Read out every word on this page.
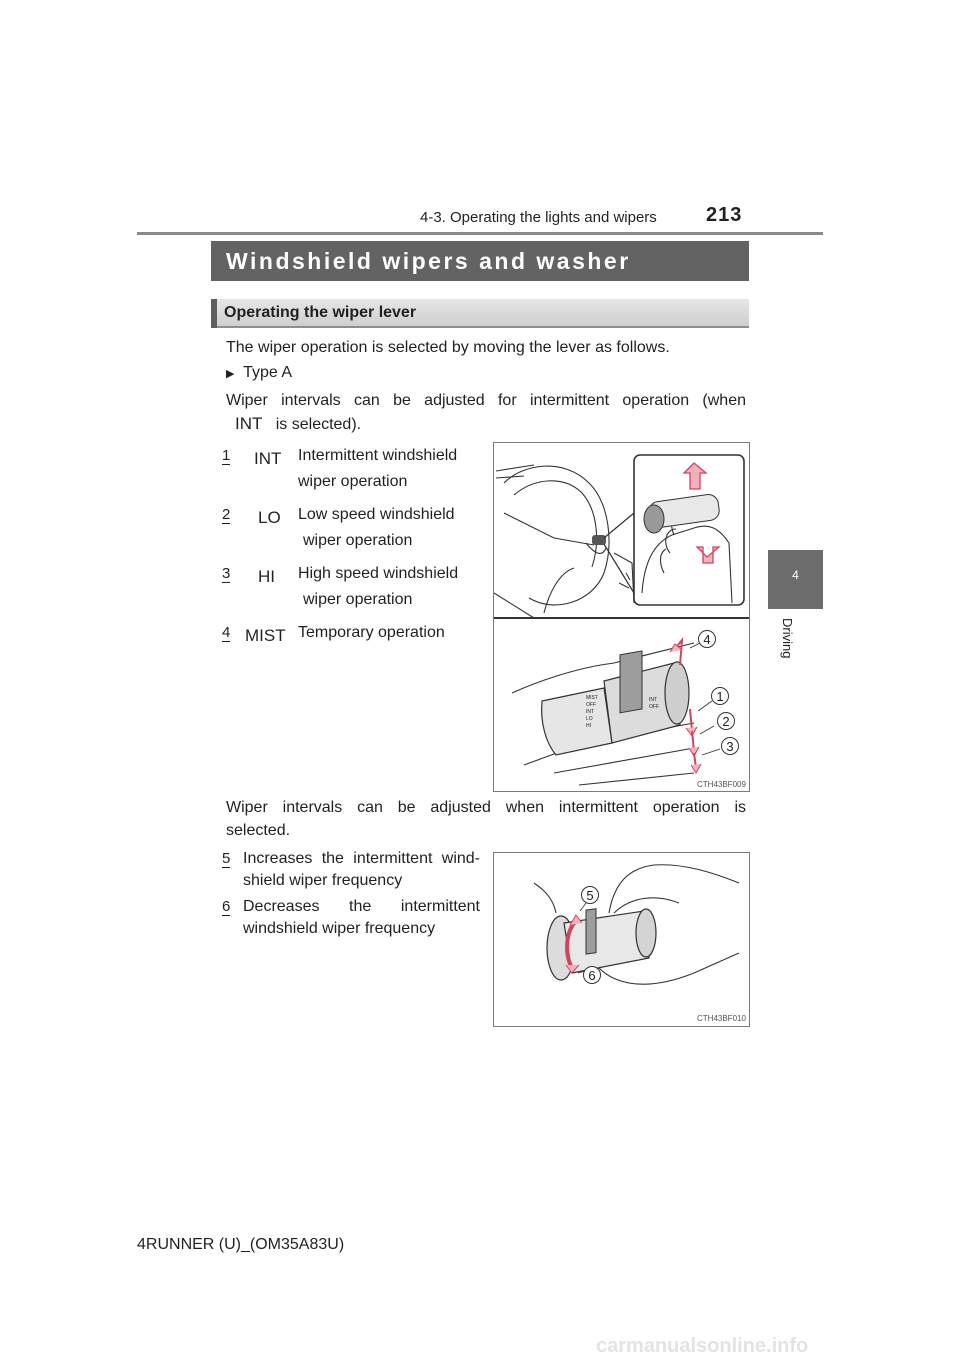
4-3. Operating the lights and wipers 213
4
Driving
Windshield wipers and washer
Operating the wiper lever
The wiper operation is selected by moving the lever as follows.
▶ Type A
Wiper intervals can be adjusted for intermittent operation (when
INT is selected).
1 INT Intermittent windshield
wiper operation
2 LO Low speed windshield
wiper operation
3 HI High speed windshield
wiper operation
4 MIST Temporary operation
MIST
OFF
INT
LO
HI
INT
OFF
4
1
2
3
CTH43BF009
Wiper intervals can be adjusted when intermittent operation is
selected.
5 Increases the intermittent wind-
shield wiper frequency
6 Decreases the intermittent
windshield wiper frequency
5
6
CTH43BF010
4RUNNER (U)_(OM35A83U)
carmanualsonline.info
